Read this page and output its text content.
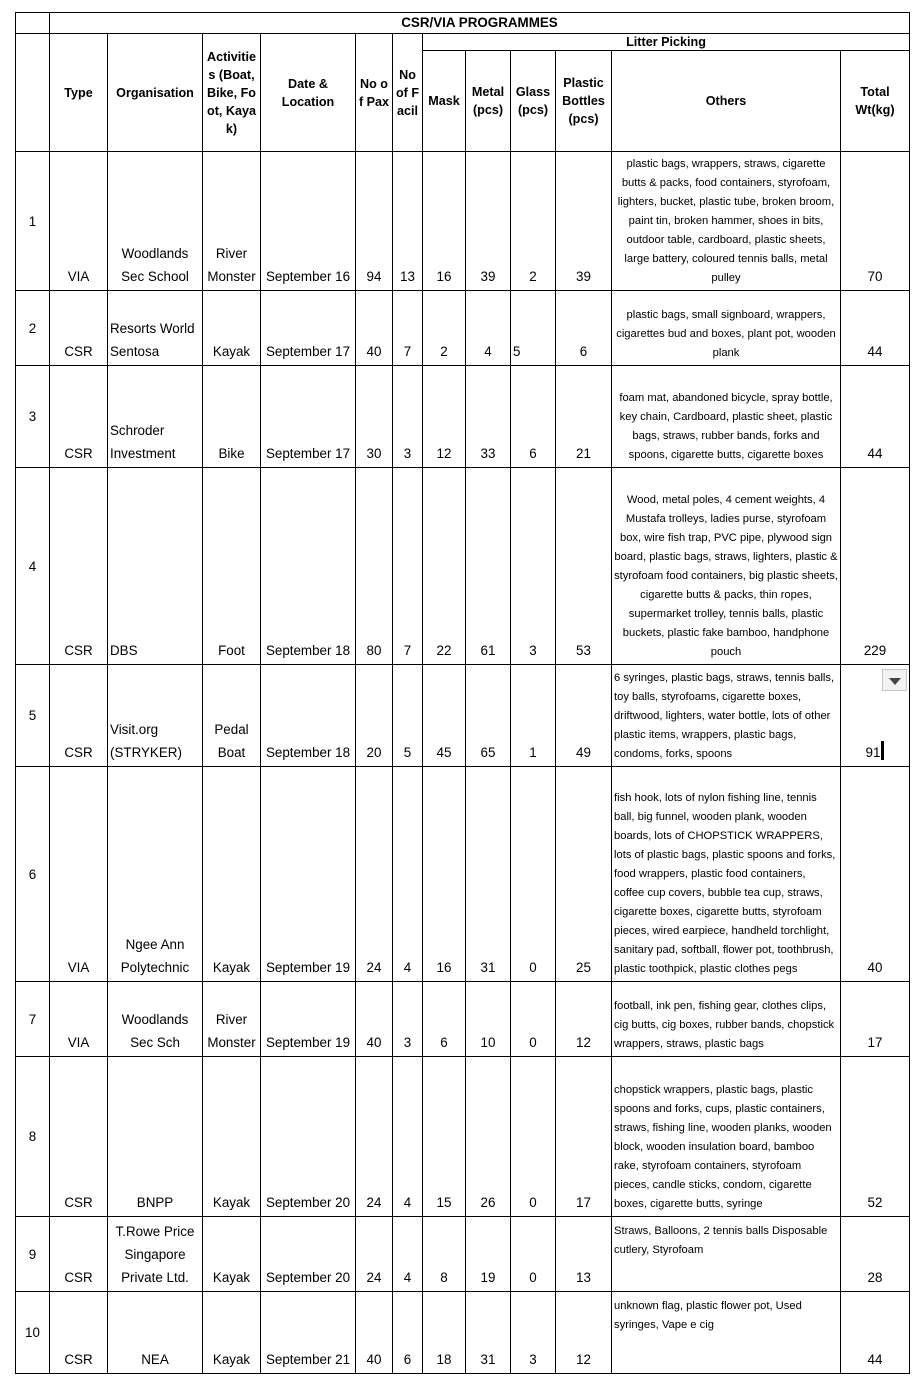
	CSR/VIA PROGRAMMES											
	Type	Organisation	Activities (Boat, Bike, Foot, Kayak)	Date & Location	No of Pax	No of Facil	Litter Picking					
							Mask	Metal(pcs)	Glass (pcs)	Plastic Bottles (pcs)	Others	Total Wt(kg)
1	VIA	Woodlands Sec School	River Monster	September 16	94	13	16	39	2	39	plastic bags, wrappers, straws, cigarette butts & packs, food containers, styrofoam, lighters, bucket, plastic tube, broken broom, paint tin, broken hammer, shoes in bits, outdoor table, cardboard, plastic sheets, large battery, coloured tennis balls, metal pulley	70
2	CSR	Resorts World Sentosa	Kayak	September 17	40	7	2	4	5	6	plastic bags, small signboard, wrappers, cigarettes bud and boxes, plant pot, wooden plank	44
3	CSR	Schroder Investment	Bike	September 17	30	3	12	33	6	21	foam mat, abandoned bicycle, spray bottle, key chain, Cardboard, plastic sheet, plastic bags, straws, rubber bands, forks and spoons, cigarette butts, cigarette boxes	44
4	CSR	DBS	Foot	September 18	80	7	22	61	3	53	Wood, metal poles, 4 cement weights, 4 Mustafa trolleys, ladies purse, styrofoam box, wire fish trap, PVC pipe, plywood sign board, plastic bags, straws, lighters, plastic & styrofoam food containers, big plastic sheets, cigarette butts & packs, thin ropes, supermarket trolley, tennis balls, plastic buckets, plastic fake bamboo, handphone pouch	229
5	CSR	Visit.org (STRYKER)	Pedal Boat	September 18	20	5	45	65	1	49	6 syringes, plastic bags, straws, tennis balls, toy balls, styrofoams, cigarette boxes, driftwood, lighters, water bottle, lots of other plastic items, wrappers, plastic bags, condoms, forks, spoons	91
6	VIA	Ngee Ann Polytechnic	Kayak	September 19	24	4	16	31	0	25	fish hook, lots of nylon fishing line, tennis ball, big funnel, wooden plank, wooden boards, lots of CHOPSTICK WRAPPERS, lots of plastic bags, plastic spoons and forks, food wrappers, plastic food containers, coffee cup covers, bubble tea cup, straws, cigarette boxes, cigarette butts, styrofoam pieces, wired earpiece, handheld torchlight, sanitary pad, softball, flower pot, toothbrush, plastic toothpick, plastic clothes pegs	40
7	VIA	Woodlands Sec Sch	River Monster	September 19	40	3	6	10	0	12	football, ink pen, fishing gear, clothes clips, cig butts, cig boxes, rubber bands, chopstick wrappers, straws, plastic bags	17
8	CSR	BNPP	Kayak	September 20	24	4	15	26	0	17	chopstick wrappers, plastic bags, plastic spoons and forks, cups, plastic containers, straws, fishing line, wooden planks, wooden block, wooden insulation board, bamboo rake, styrofoam containers, styrofoam pieces, candle sticks, condom, cigarette boxes, cigarette butts, syringe	52
9	CSR	T.Rowe Price Singapore Private Ltd.	Kayak	September 20	24	4	8	19	0	13	Straws, Balloons, 2 tennis balls Disposable cutlery, Styrofoam	28
10	CSR	NEA	Kayak	September 21	40	6	18	31	3	12	unknown flag, plastic flower pot, Used syringes, Vape e cig	44
